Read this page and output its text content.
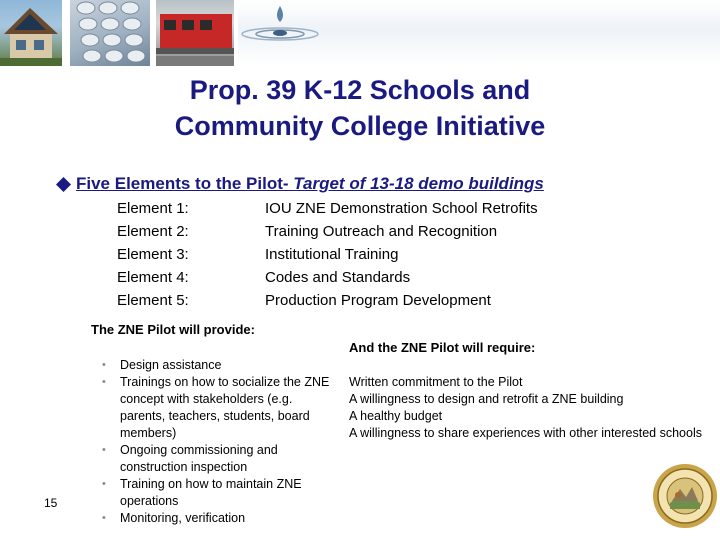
Prop. 39 K-12 Schools and
Community College Initiative
Five Elements to the Pilot- Target of 13-18 demo buildings
Element 1:	IOU ZNE Demonstration School Retrofits
Element 2:	Training Outreach and Recognition
Element 3:	Institutional Training
Element 4:	Codes and Standards
Element 5:	Production Program Development
The ZNE Pilot will provide:
And the ZNE Pilot will require:
• Design assistance
• Trainings on how to socialize the ZNE concept with stakeholders (e.g. parents, teachers, students, board members)
• Ongoing commissioning and construction inspection
• Training on how to maintain ZNE operations
• Monitoring, verification
Written commitment to the Pilot
A willingness to design and retrofit a ZNE building
A healthy budget
A willingness to share experiences with other interested schools
15
